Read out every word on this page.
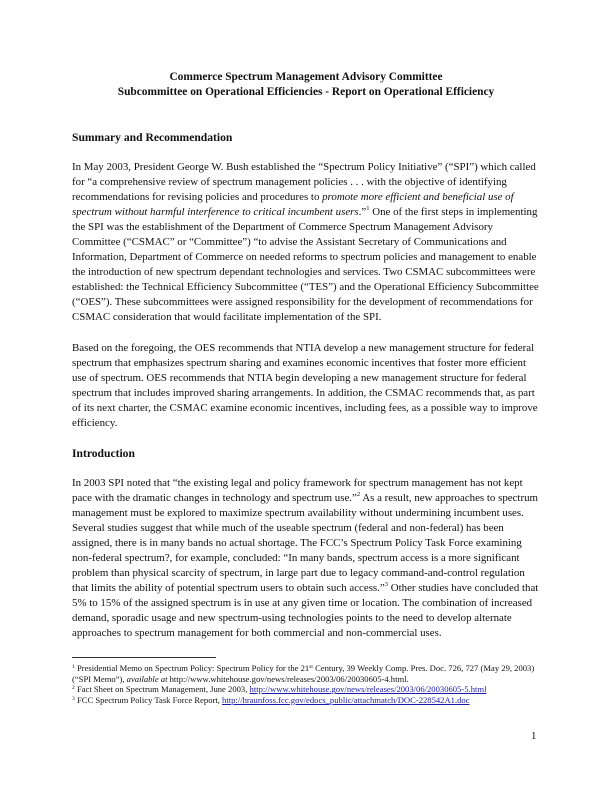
Commerce Spectrum Management Advisory Committee

Subcommittee on Operational Efficiencies - Report on Operational Efficiency

Summary and Recommendation

In May 2003, President George W. Bush established the “Spectrum Policy Initiative” (“SPI”) which called for “a comprehensive review of spectrum management policies . . . with the objective of identifying recommendations for revising policies and procedures to promote more efficient and beneficial use of spectrum without harmful interference to critical incumbent users.”$^1$ One of the first steps in implementing the SPI was the establishment of the Department of Commerce Spectrum Management Advisory Committee (“CSMAC” or “Committee”) “to advise the Assistant Secretary of Communications and Information, Department of Commerce on needed reforms to spectrum policies and management to enable the introduction of new spectrum dependant technologies and services. Two CSMAC subcommittees were established: the Technical Efficiency Subcommittee (“TES”) and the Operational Efficiency Subcommittee (“OES”). These subcommittees were assigned responsibility for the development of recommendations for CSMAC consideration that would facilitate implementation of the SPI.

Based on the foregoing, the OES recommends that NTIA develop a new management structure for federal spectrum that emphasizes spectrum sharing and examines economic incentives that foster more efficient use of spectrum. OES recommends that NTIA begin developing a new management structure for federal spectrum that includes improved sharing arrangements. In addition, the CSMAC recommends that, as part of its next charter, the CSMAC examine economic incentives, including fees, as a possible way to improve efficiency.

Introduction

In 2003 SPI noted that “the existing legal and policy framework for spectrum management has not kept pace with the dramatic changes in technology and spectrum use.”$^2$ As a result, new approaches to spectrum management must be explored to maximize spectrum availability without undermining incumbent uses. Several studies suggest that while much of the useable spectrum (federal and non-federal) has been assigned, there is in many bands no actual shortage. The FCC’s Spectrum Policy Task Force examining non-federal spectrum?, for example, concluded: “In many bands, spectrum access is a more significant problem than physical scarcity of spectrum, in large part due to legacy command-and-control regulation that limits the ability of potential spectrum users to obtain such access.”$^3$ Other studies have concluded that 5% to 15% of the assigned spectrum is in use at any given time or location. The combination of increased demand, sporadic usage and new spectrum-using technologies points to the need to develop alternate approaches to spectrum management for both commercial and non-commercial uses.

$^1$ Presidential Memo on Spectrum Policy: Spectrum Policy for the 21st Century, 39 Weekly Comp. Pres. Doc. 726, 727 (May 29, 2003) (“SPI Memo”), available at http://www.whitehouse.gov/news/releases/2003/06/20030605-4.html.

$^2$ Fact Sheet on Spectrum Management, June 2003, http://www.whitehouse.gov/news/releases/2003/06/20030605-5.html

$^3$ FCC Spectrum Policy Task Force Report, http://hraunfoss.fcc.gov/edocs_public/attachmatch/DOC-228542A1.doc

1
